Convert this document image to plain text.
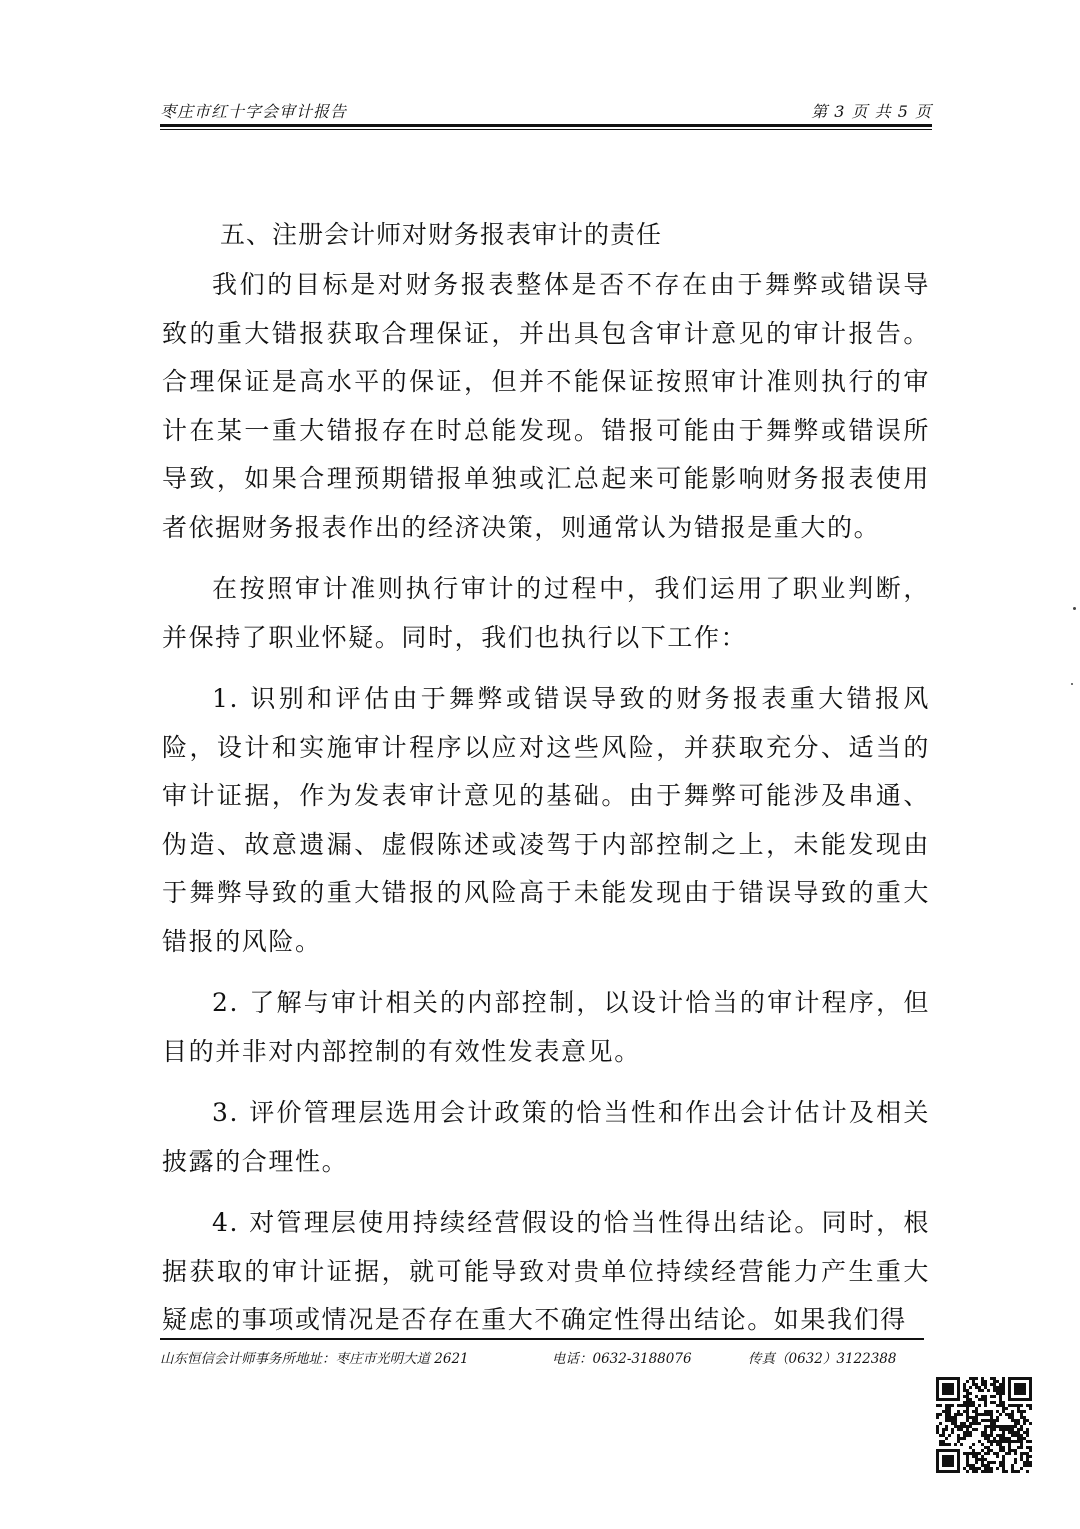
枣庄市红十字会审计报告	第 3 页 共 5 页
五、注册会计师对财务报表审计的责任

我们的目标是对财务报表整体是否不存在由于舞弊或错误导致的重大错报获取合理保证，并出具包含审计意见的审计报告。合理保证是高水平的保证，但并不能保证按照审计准则执行的审计在某一重大错报存在时总能发现。错报可能由于舞弊或错误所导致，如果合理预期错报单独或汇总起来可能影响财务报表使用者依据财务报表作出的经济决策，则通常认为错报是重大的。

在按照审计准则执行审计的过程中，我们运用了职业判断，并保持了职业怀疑。同时，我们也执行以下工作：

1. 识别和评估由于舞弊或错误导致的财务报表重大错报风险，设计和实施审计程序以应对这些风险，并获取充分、适当的审计证据，作为发表审计意见的基础。由于舞弊可能涉及串通、伪造、故意遗漏、虚假陈述或凌驾于内部控制之上，未能发现由于舞弊导致的重大错报的风险高于未能发现由于错误导致的重大错报的风险。

2. 了解与审计相关的内部控制，以设计恰当的审计程序，但目的并非对内部控制的有效性发表意见。

3. 评价管理层选用会计政策的恰当性和作出会计估计及相关披露的合理性。

4. 对管理层使用持续经营假设的恰当性得出结论。同时，根据获取的审计证据，就可能导致对贵单位持续经营能力产生重大疑虑的事项或情况是否存在重大不确定性得出结论。如果我们得

山东恒信会计师事务所地址：枣庄市光明大道 2621	电话：0632-3188076	传真（0632）3122388
